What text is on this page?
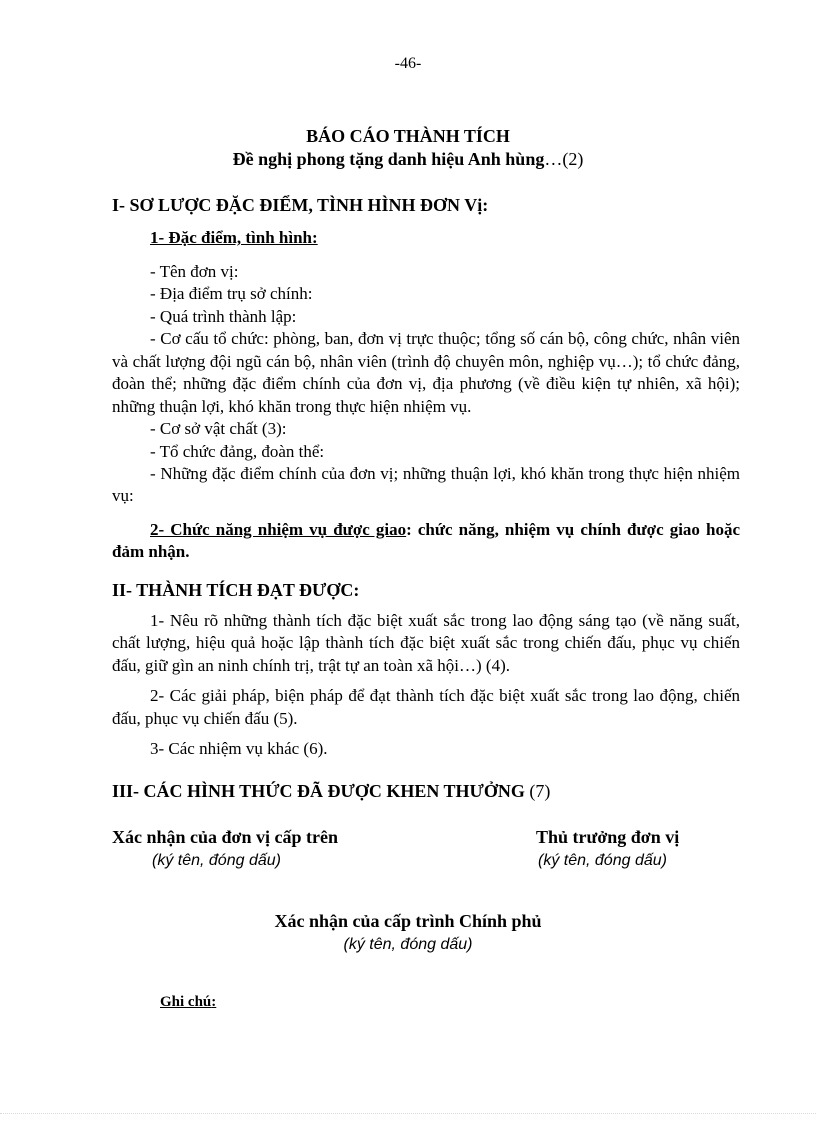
-46-
BÁO CÁO THÀNH TÍCH
Đề nghị phong tặng danh hiệu Anh hùng…(2)
I- SƠ LƯỢC ĐẶC ĐIỂM, TÌNH HÌNH ĐƠN Vị:
1- Đặc điểm, tình hình:

- Tên đơn vị:

- Địa điểm trụ sở chính:

- Quá trình thành lập:

- Cơ cấu tổ chức: phòng, ban, đơn vị trực thuộc; tổng số cán bộ, công chức, nhân viên và chất lượng đội ngũ cán bộ, nhân viên (trình độ chuyên môn, nghiệp vụ…); tổ chức đảng, đoàn thể; những đặc điểm chính của đơn vị, địa phương (về điều kiện tự nhiên, xã hội); những thuận lợi, khó khăn trong thực hiện nhiệm vụ.

- Cơ sở vật chất (3):

- Tổ chức đảng, đoàn thể:

- Những đặc điểm chính của đơn vị; những thuận lợi, khó khăn trong thực hiện nhiệm vụ:

2- Chức năng nhiệm vụ được giao: chức năng, nhiệm vụ chính được giao hoặc đảm nhận.

II- THÀNH TÍCH ĐẠT ĐƯỢC:

1- Nêu rõ những thành tích đặc biệt xuất sắc trong lao động sáng tạo (về năng suất, chất lượng, hiệu quả hoặc lập thành tích đặc biệt xuất sắc trong chiến đấu, phục vụ chiến đấu, giữ gìn an ninh chính trị, trật tự an toàn xã hội…) (4).

2- Các giải pháp, biện pháp để đạt thành tích đặc biệt xuất sắc trong lao động, chiến đấu, phục vụ chiến đấu (5).

3- Các nhiệm vụ khác (6).

III- CÁC HÌNH THỨC ĐÃ ĐƯỢC KHEN THƯỞNG (7)
Xác nhận của đơn vị cấp trên
(ký tên, đóng dấu)
Thủ trưởng đơn vị
(ký tên, đóng dấu)
Xác nhận của cấp trình Chính phủ
(ký tên, đóng dấu)
Ghi chú:
